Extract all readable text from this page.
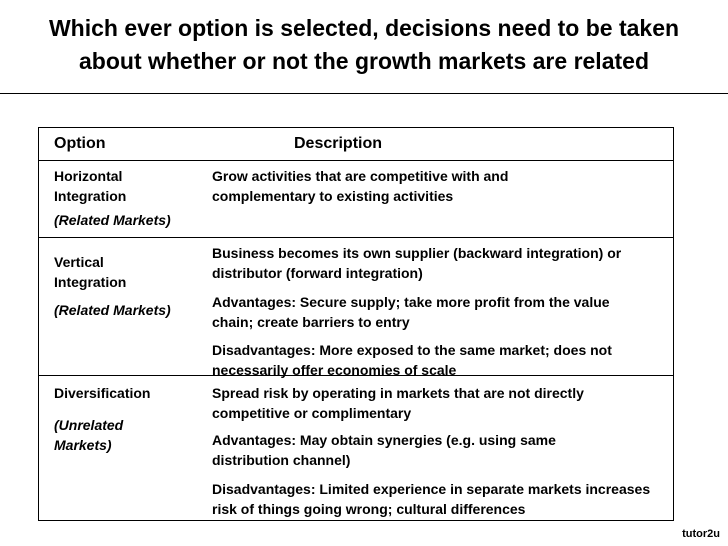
Which ever option is selected, decisions need to be taken
about whether or not the growth markets are related
Option	Description
Horizontal Integration
(Related Markets)
Grow activities that are competitive with and complementary to existing activities
Vertical Integration
(Related Markets)
Business becomes its own supplier (backward integration) or distributor (forward integration)
Advantages: Secure supply; take more profit from the value chain; create barriers to entry
Disadvantages: More exposed to the same market; does not necessarily offer economies of scale
Diversification
(Unrelated Markets)
Spread risk by operating in markets that are not directly competitive or complimentary
Advantages: May obtain synergies (e.g. using same distribution channel)
Disadvantages: Limited experience in separate markets increases risk of things going wrong; cultural differences
tutor2u
